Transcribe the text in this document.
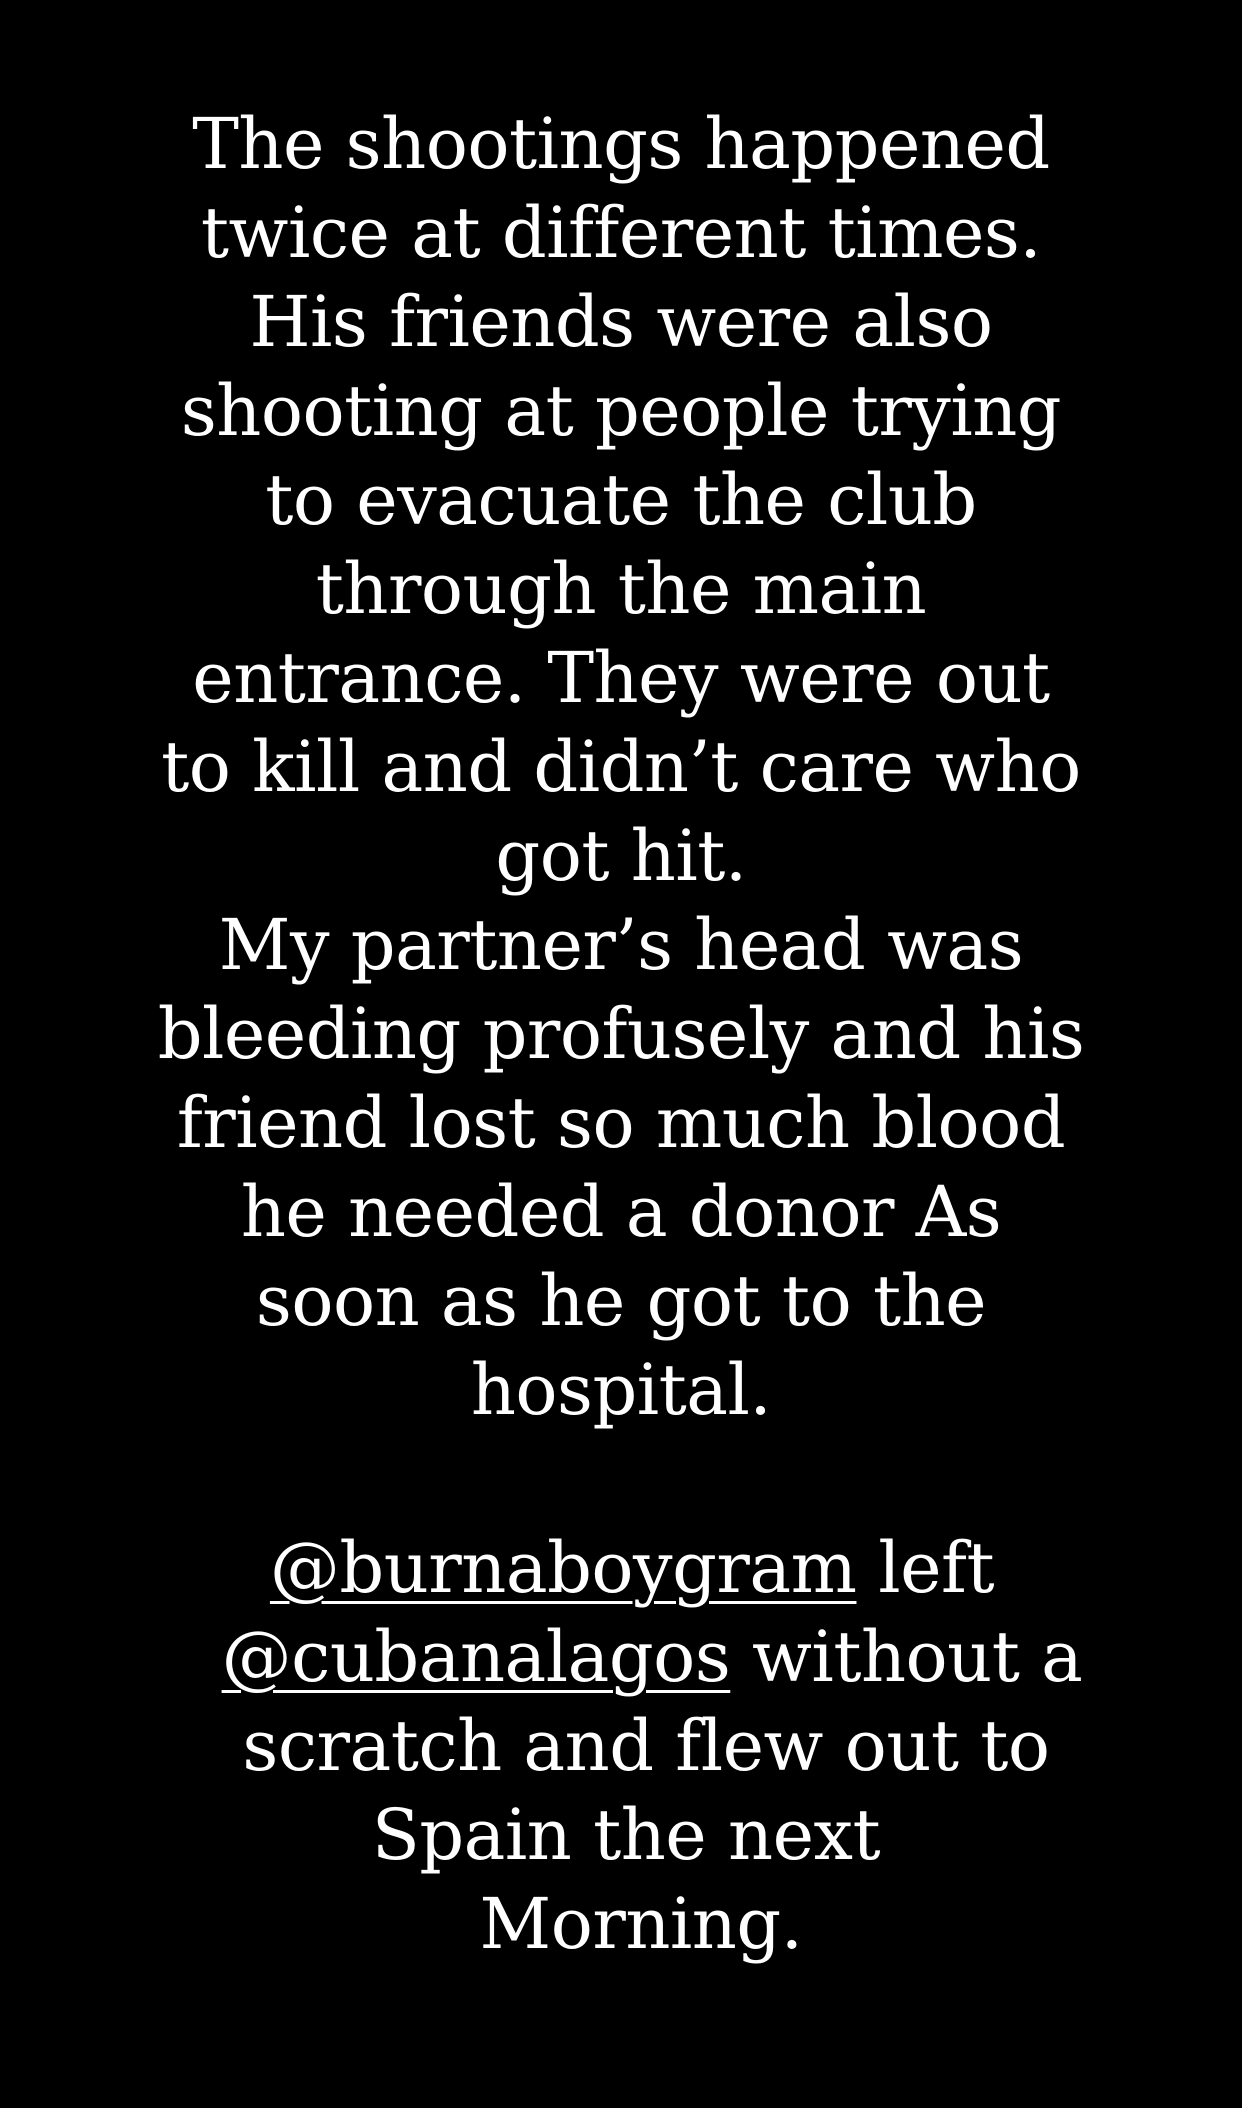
The shootings happened
twice at different times.
His friends were also
shooting at people trying
to evacuate the club
through the main
entrance. They were out
to kill and didn’t care who
got hit.
My partner’s head was
bleeding profusely and his
friend lost so much blood
he needed a donor As
soon as he got to the
hospital.
@burnaboygram left
@cubanalagos without a
scratch and flew out to
Spain the next
Morning.
